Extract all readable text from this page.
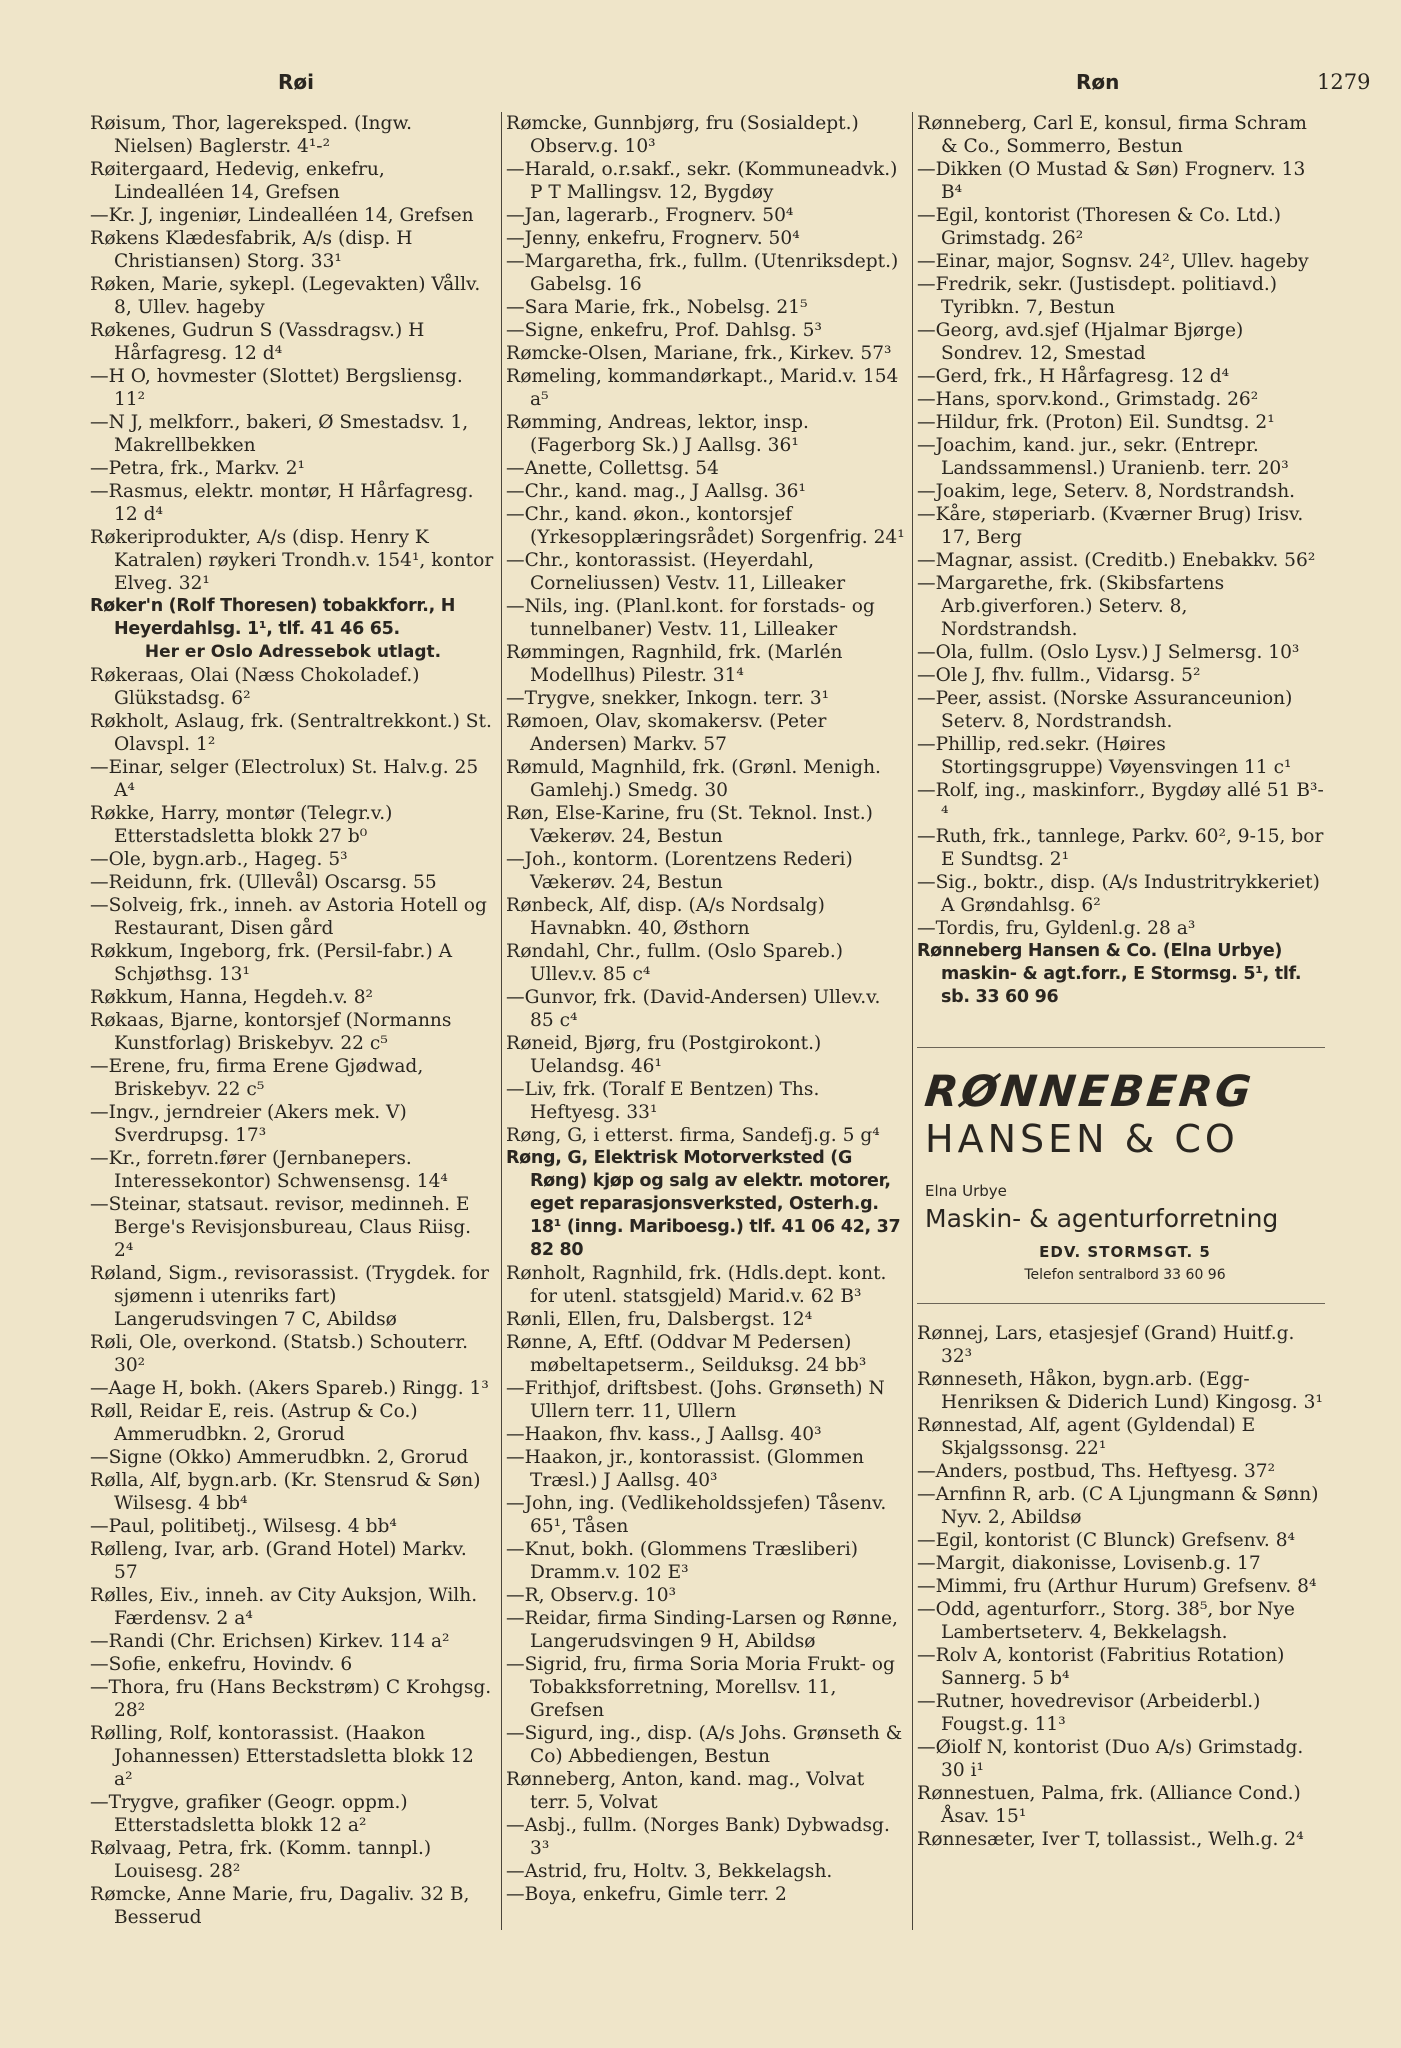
Røi	Røn	1279
Røisum, Thor, lagereksped. (Ingw. Nielsen) Baglerstr. 4¹-²
Røitergaard, Hedevig, enkefru, Lindealléen 14, Grefsen
—Kr. J, ingeniør, Lindealléen 14, Grefsen
Røkens Klædesfabrik, A/s (disp. H Christiansen) Storg. 33¹
Røken, Marie, sykepl. (Legevakten) Vållv. 8, Ullev. hageby
Røkenes, Gudrun S (Vassdragsv.) H Hårfagresg. 12 d⁴
—H O, hovmester (Slottet) Bergsliensg. 11²
—N J, melkforr., bakeri, Ø Smestadsv. 1, Makrellbekken
—Petra, frk., Markv. 2¹
—Rasmus, elektr. montør, H Hårfagresg. 12 d⁴
Røkeriprodukter, A/s (disp. Henry K Katralen) røykeri Trondh.v. 154¹, kontor Elveg. 32¹
Røker'n (Rolf Thoresen) tobakkforr., H Heyerdahlsg. 1¹, tlf. 41 46 65.
Her er Oslo Adressebok utlagt.
Røkeraas, Olai (Næss Chokoladef.) Glükstadsg. 6²
Røkholt, Aslaug, frk. (Sentraltrekkont.) St. Olavspl. 1²
—Einar, selger (Electrolux) St. Halv.g. 25 A⁴
Røkke, Harry, montør (Telegr.v.) Etterstadsletta blokk 27 b⁰
—Ole, bygn.arb., Hageg. 5³
—Reidunn, frk. (Ullevål) Oscarsg. 55
—Solveig, frk., inneh. av Astoria Hotell og Restaurant, Disen gård
Røkkum, Ingeborg, frk. (Persil-fabr.) A Schjøthsg. 13¹
Røkkum, Hanna, Hegdeh.v. 8²
Røkaas, Bjarne, kontorsjef (Normanns Kunstforlag) Briskebyv. 22 c⁵
—Erene, fru, firma Erene Gjødwad, Briskebyv. 22 c⁵
—Ingv., jerndreier (Akers mek. V) Sverdrupsg. 17³
—Kr., forretn.fører (Jernbanepers. Interessekontor) Schwensensg. 14⁴
—Steinar, statsaut. revisor, medinneh. E Berge's Revisjonsbureau, Claus Riisg. 2⁴
Røland, Sigm., revisorassist. (Trygdek. for sjømenn i utenriks fart) Langerudsvingen 7 C, Abildsø
Røli, Ole, overkond. (Statsb.) Schouterr. 30²
—Aage H, bokh. (Akers Spareb.) Ringg. 1³
Røll, Reidar E, reis. (Astrup & Co.) Ammerudbkn. 2, Grorud
—Signe (Okko) Ammerudbkn. 2, Grorud
Rølla, Alf, bygn.arb. (Kr. Stensrud & Søn) Wilsesg. 4 bb⁴
—Paul, politibetj., Wilsesg. 4 bb⁴
Rølleng, Ivar, arb. (Grand Hotel) Markv. 57
Rølles, Eiv., inneh. av City Auksjon, Wilh. Færdensv. 2 a⁴
—Randi (Chr. Erichsen) Kirkev. 114 a²
—Sofie, enkefru, Hovindv. 6
—Thora, fru (Hans Beckstrøm) C Krohgsg. 28²
Rølling, Rolf, kontorassist. (Haakon Johannessen) Etterstadsletta blokk 12 a²
—Trygve, grafiker (Geogr. oppm.) Etterstadsletta blokk 12 a²
Rølvaag, Petra, frk. (Komm. tannpl.) Louisesg. 28²
Rømcke, Anne Marie, fru, Dagaliv. 32 B, Besserud
Rømcke, Gunnbjørg, fru (Sosialdept.) Observ.g. 10³
—Harald, o.r.sakf., sekr. (Kommuneadvk.) P T Mallingsv. 12, Bygdøy
—Jan, lagerarb., Frognerv. 50⁴
—Jenny, enkefru, Frognerv. 50⁴
—Margaretha, frk., fullm. (Utenriksdept.) Gabelsg. 16
—Sara Marie, frk., Nobelsg. 21⁵
—Signe, enkefru, Prof. Dahlsg. 5³
Rømcke-Olsen, Mariane, frk., Kirkev. 57³
Rømeling, kommandørkapt., Marid.v. 154 a⁵
Rømming, Andreas, lektor, insp. (Fagerborg Sk.) J Aallsg. 36¹
—Anette, Collettsg. 54
—Chr., kand. mag., J Aallsg. 36¹
—Chr., kand. økon., kontorsjef (Yrkesopplæringsrådet) Sorgenfrig. 24¹
—Chr., kontorassist. (Heyerdahl, Corneliussen) Vestv. 11, Lilleaker
—Nils, ing. (Planl.kont. for forstads- og tunnelbaner) Vestv. 11, Lilleaker
Rømmingen, Ragnhild, frk. (Marlén Modellhus) Pilestr. 31⁴
—Trygve, snekker, Inkogn. terr. 3¹
Rømoen, Olav, skomakersv. (Peter Andersen) Markv. 57
Rømuld, Magnhild, frk. (Grønl. Menigh. Gamlehj.) Smedg. 30
Røn, Else-Karine, fru (St. Teknol. Inst.) Vækerøv. 24, Bestun
—Joh., kontorm. (Lorentzens Rederi) Vækerøv. 24, Bestun
Rønbeck, Alf, disp. (A/s Nordsalg) Havnabkn. 40, Østhorn
Røndahl, Chr., fullm. (Oslo Spareb.) Ullev.v. 85 c⁴
—Gunvor, frk. (David-Andersen) Ullev.v. 85 c⁴
Røneid, Bjørg, fru (Postgirokont.) Uelandsg. 46¹
—Liv, frk. (Toralf E Bentzen) Ths. Heftyesg. 33¹
Røng, G, i etterst. firma, Sandefj.g. 5 g⁴
Røng, G, Elektrisk Motorverksted (G Røng) kjøp og salg av elektr. motorer, eget reparasjonsverksted, Osterh.g. 18¹ (inng. Mariboesg.) tlf. 41 06 42, 37 82 80
Rønholt, Ragnhild, frk. (Hdls.dept. kont. for utenl. statsgjeld) Marid.v. 62 B³
Rønli, Ellen, fru, Dalsbergst. 12⁴
Rønne, A, Eftf. (Oddvar M Pedersen) møbeltapetserm., Seilduksg. 24 bb³
—Frithjof, driftsbest. (Johs. Grønseth) N Ullern terr. 11, Ullern
—Haakon, fhv. kass., J Aallsg. 40³
—Haakon, jr., kontorassist. (Glommen Træsl.) J Aallsg. 40³
—John, ing. (Vedlikeholdssjefen) Tåsenv. 65¹, Tåsen
—Knut, bokh. (Glommens Træsliberi) Dramm.v. 102 E³
—R, Observ.g. 10³
—Reidar, firma Sinding-Larsen og Rønne, Langerudsvingen 9 H, Abildsø
—Sigrid, fru, firma Soria Moria Frukt- og Tobakksforretning, Morellsv. 11, Grefsen
—Sigurd, ing., disp. (A/s Johs. Grønseth & Co) Abbediengen, Bestun
Rønneberg, Anton, kand. mag., Volvat terr. 5, Volvat
—Asbj., fullm. (Norges Bank) Dybwadsg. 3³
—Astrid, fru, Holtv. 3, Bekkelagsh.
—Boya, enkefru, Gimle terr. 2
Rønneberg, Carl E, konsul, firma Schram & Co., Sommerro, Bestun
—Dikken (O Mustad & Søn) Frognerv. 13 B⁴
—Egil, kontorist (Thoresen & Co. Ltd.) Grimstadg. 26²
—Einar, major, Sognsv. 24², Ullev. hageby
—Fredrik, sekr. (Justisdept. politiavd.) Tyribkn. 7, Bestun
—Georg, avd.sjef (Hjalmar Bjørge) Sondrev. 12, Smestad
—Gerd, frk., H Hårfagresg. 12 d⁴
—Hans, sporv.kond., Grimstadg. 26²
—Hildur, frk. (Proton) Eil. Sundtsg. 2¹
—Joachim, kand. jur., sekr. (Entrepr. Landssammensl.) Uranienb. terr. 20³
—Joakim, lege, Seterv. 8, Nordstrandsh.
—Kåre, støperiarb. (Kværner Brug) Irisv. 17, Berg
—Magnar, assist. (Creditb.) Enebakkv. 56²
—Margarethe, frk. (Skibsfartens Arb.giverforen.) Seterv. 8, Nordstrandsh.
—Ola, fullm. (Oslo Lysv.) J Selmersg. 10³
—Ole J, fhv. fullm., Vidarsg. 5²
—Peer, assist. (Norske Assuranceunion) Seterv. 8, Nordstrandsh.
—Phillip, red.sekr. (Høires Stortingsgruppe) Vøyensvingen 11 c¹
—Rolf, ing., maskinforr., Bygdøy allé 51 B³-⁴
—Ruth, frk., tannlege, Parkv. 60², 9-15, bor E Sundtsg. 2¹
—Sig., boktr., disp. (A/s Industritrykkeriet) A Grøndahlsg. 6²
—Tordis, fru, Gyldenl.g. 28 a³
Rønneberg Hansen & Co. (Elna Urbye) maskin- & agt.forr., E Stormsg. 5¹, tlf. sb. 33 60 96
RØNNEBERG
HANSEN & CO
Elna Urbye
Maskin- & agenturforretning
EDV. STORMSGT. 5
Telefon sentralbord 33 60 96
Rønnej, Lars, etasjesjef (Grand) Huitf.g. 32³
Rønneseth, Håkon, bygn.arb. (Egg-Henriksen & Diderich Lund) Kingosg. 3¹
Rønnestad, Alf, agent (Gyldendal) E Skjalgssonsg. 22¹
—Anders, postbud, Ths. Heftyesg. 37²
—Arnfinn R, arb. (C A Ljungmann & Sønn) Nyv. 2, Abildsø
—Egil, kontorist (C Blunck) Grefsenv. 8⁴
—Margit, diakonisse, Lovisenb.g. 17
—Mimmi, fru (Arthur Hurum) Grefsenv. 8⁴
—Odd, agenturforr., Storg. 38⁵, bor Nye Lambertseterv. 4, Bekkelagsh.
—Rolv A, kontorist (Fabritius Rotation) Sannerg. 5 b⁴
—Rutner, hovedrevisor (Arbeiderbl.) Fougst.g. 11³
—Øiolf N, kontorist (Duo A/s) Grimstadg. 30 i¹
Rønnestuen, Palma, frk. (Alliance Cond.) Åsav. 15¹
Rønnesæter, Iver T, tollassist., Welh.g. 2⁴
